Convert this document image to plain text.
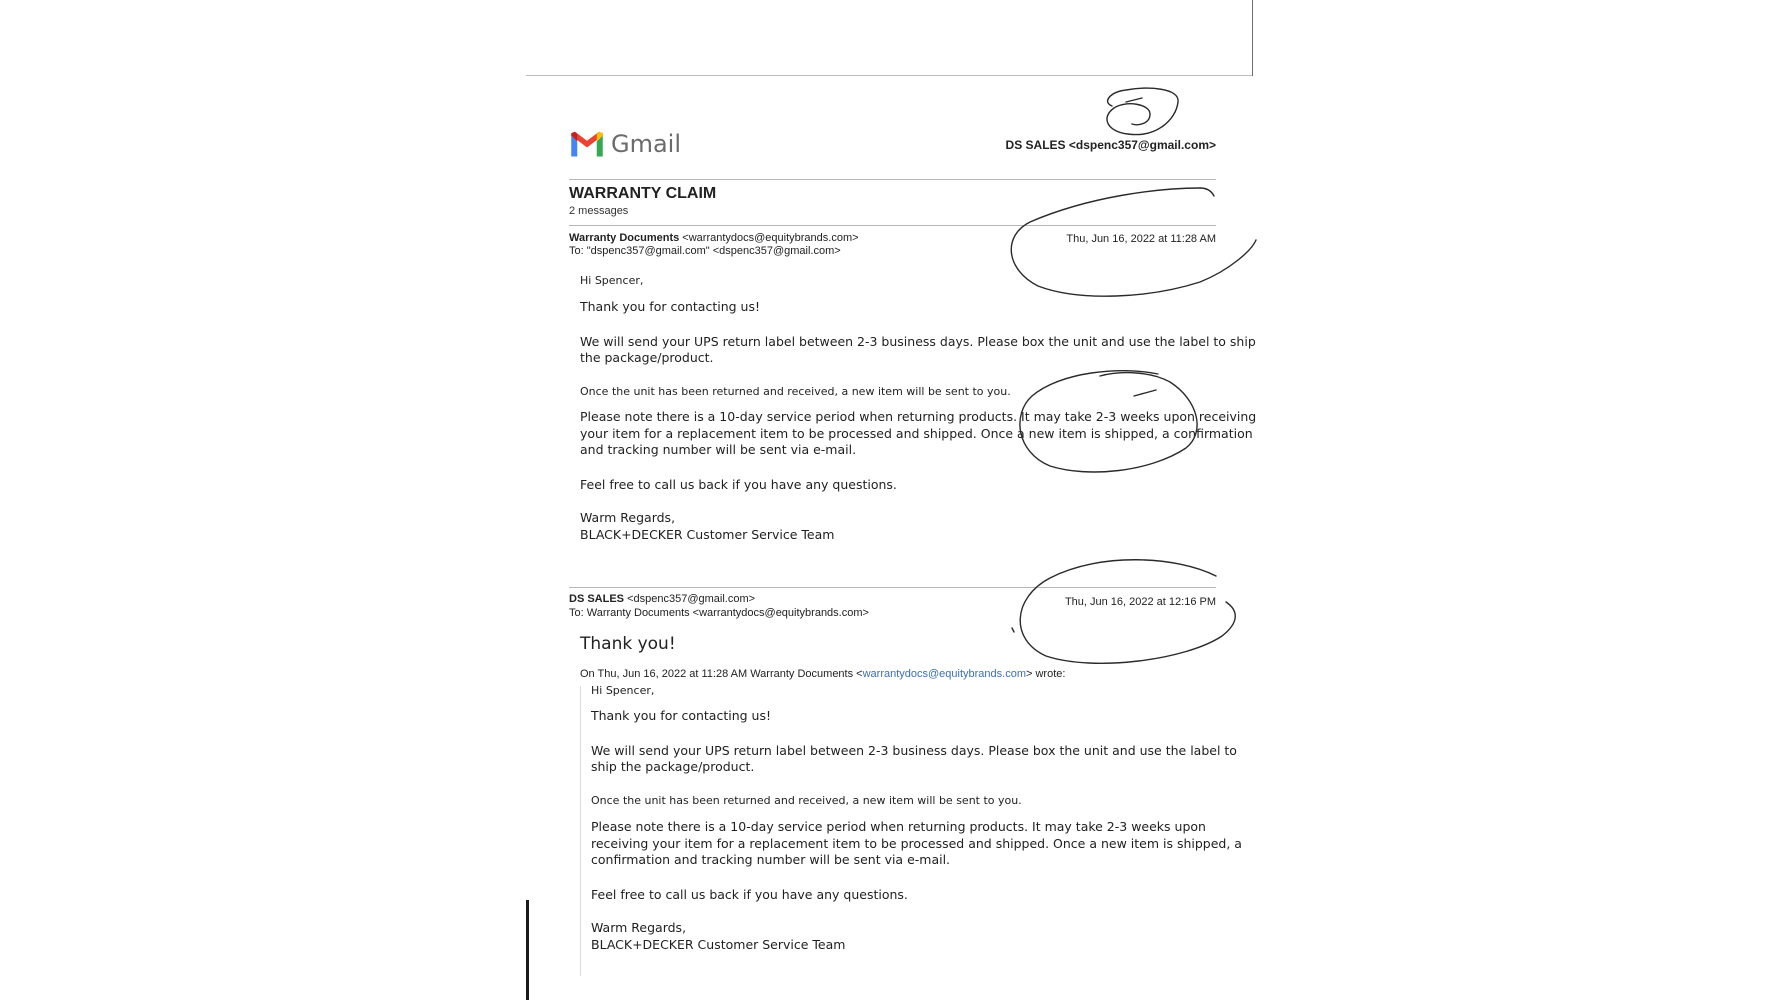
Gmail	DS SALES <dspenc357@gmail.com>
WARRANTY CLAIM
2 messages
Warranty Documents <warrantydocs@equitybrands.com>
To: "dspenc357@gmail.com" <dspenc357@gmail.com>
Thu, Jun 16, 2022 at 11:28 AM
Hi Spencer,
Thank you for contacting us!
We will send your UPS return label between 2-3 business days. Please box the unit and use the label to ship
the package/product.
Once the unit has been returned and received, a new item will be sent to you.
Please note there is a 10-day service period when returning products. It may take 2-3 weeks upon receiving
your item for a replacement item to be processed and shipped. Once a new item is shipped, a confirmation
and tracking number will be sent via e-mail.
Feel free to call us back if you have any questions.
Warm Regards,
BLACK+DECKER Customer Service Team
DS SALES <dspenc357@gmail.com>
To: Warranty Documents <warrantydocs@equitybrands.com>
Thu, Jun 16, 2022 at 12:16 PM
Thank you!
On Thu, Jun 16, 2022 at 11:28 AM Warranty Documents <warrantydocs@equitybrands.com> wrote:
Hi Spencer,
Thank you for contacting us!
We will send your UPS return label between 2-3 business days. Please box the unit and use the label to
ship the package/product.
Once the unit has been returned and received, a new item will be sent to you.
Please note there is a 10-day service period when returning products. It may take 2-3 weeks upon
receiving your item for a replacement item to be processed and shipped. Once a new item is shipped, a
confirmation and tracking number will be sent via e-mail.
Feel free to call us back if you have any questions.
Warm Regards,
BLACK+DECKER Customer Service Team
